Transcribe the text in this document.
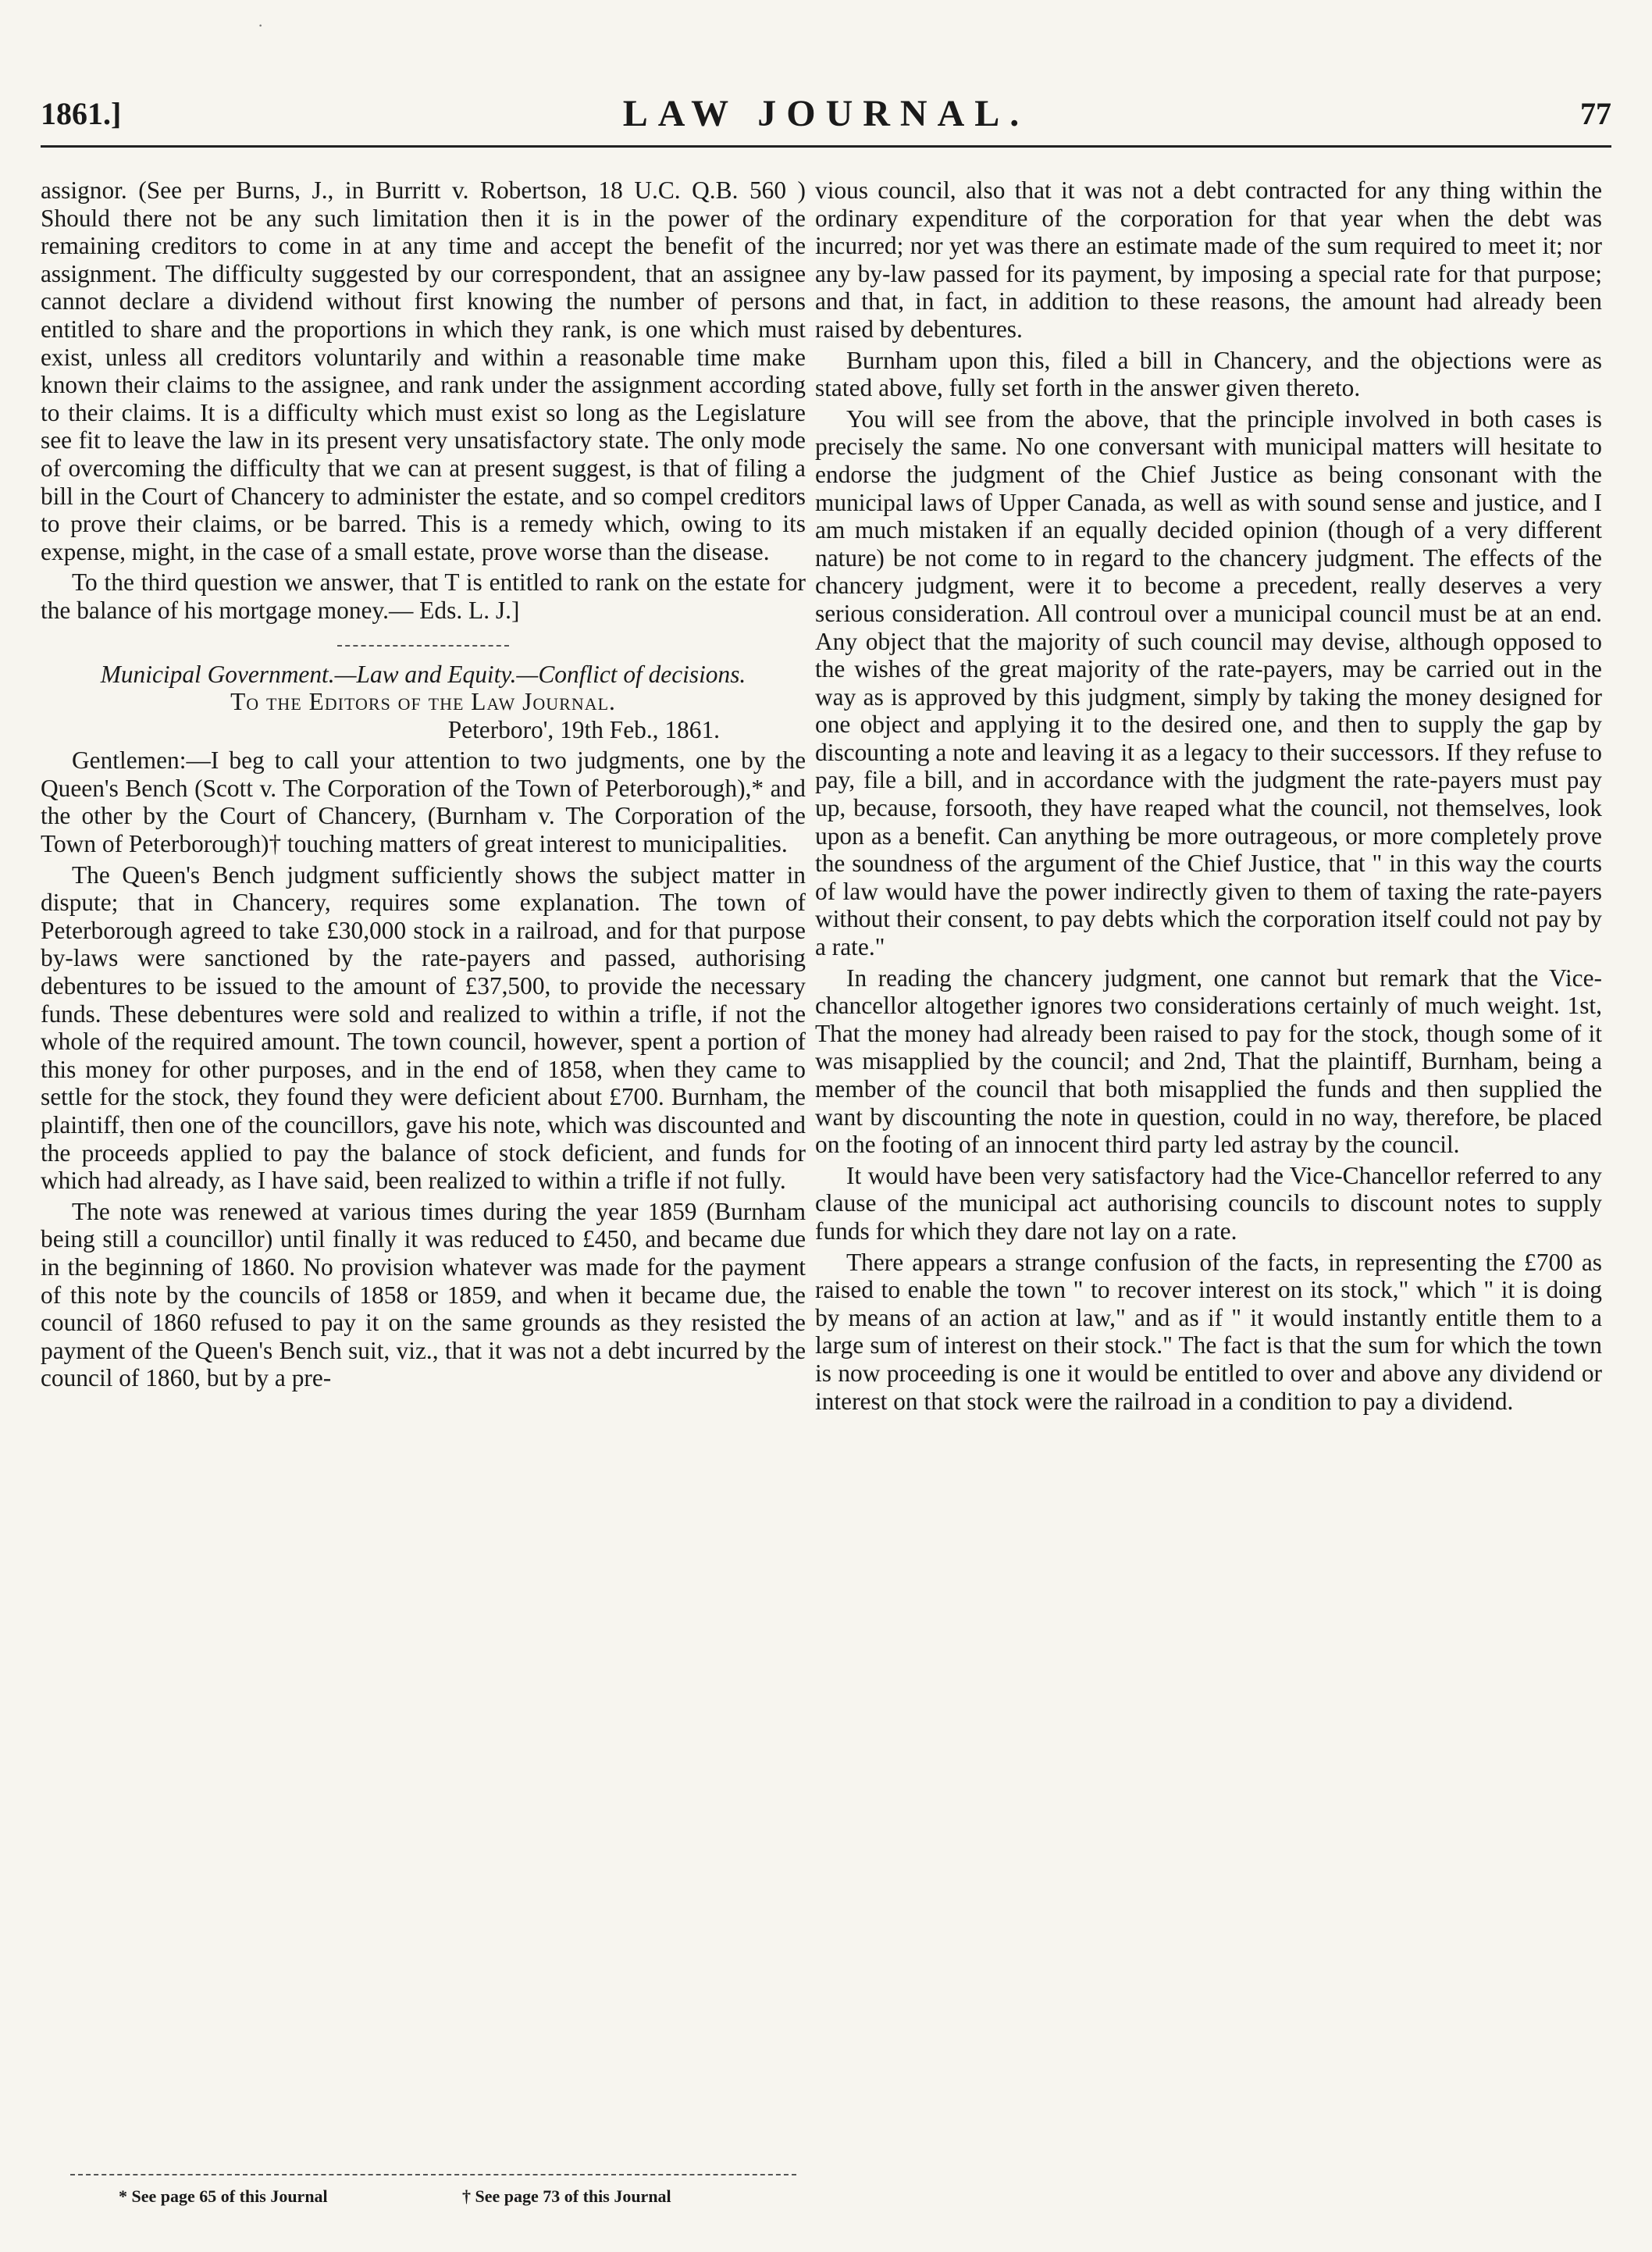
·
1861.]	LAW JOURNAL.	77

assignor. (See per Burns, J., in Burritt v. Robertson, 18 U.C. Q.B. 560 ) Should there not be any such limitation then it is in the power of the remaining creditors to come in at any time and accept the benefit of the assignment. The difficulty suggested by our correspondent, that an assignee cannot declare a dividend without first knowing the number of persons entitled to share and the proportions in which they rank, is one which must exist, unless all creditors voluntarily and within a reasonable time make known their claims to the assignee, and rank under the assignment according to their claims. It is a difficulty which must exist so long as the Legislature see fit to leave the law in its present very unsatisfactory state. The only mode of overcoming the difficulty that we can at present suggest, is that of filing a bill in the Court of Chancery to administer the estate, and so compel creditors to prove their claims, or be barred. This is a remedy which, owing to its expense, might, in the case of a small estate, prove worse than the disease.

To the third question we answer, that T is entitled to rank on the estate for the balance of his mortgage money.— Eds. L. J.]

Municipal Government.—Law and Equity.—Conflict of decisions.

To the Editors of the Law Journal.

Peterboro', 19th Feb., 1861.

Gentlemen:—I beg to call your attention to two judgments, one by the Queen's Bench (Scott v. The Corporation of the Town of Peterborough),* and the other by the Court of Chancery, (Burnham v. The Corporation of the Town of Peterborough)† touching matters of great interest to municipalities.

The Queen's Bench judgment sufficiently shows the subject matter in dispute; that in Chancery, requires some explanation. The town of Peterborough agreed to take £30,000 stock in a railroad, and for that purpose by-laws were sanctioned by the rate-payers and passed, authorising debentures to be issued to the amount of £37,500, to provide the necessary funds. These debentures were sold and realized to within a trifle, if not the whole of the required amount. The town council, however, spent a portion of this money for other purposes, and in the end of 1858, when they came to settle for the stock, they found they were deficient about £700. Burnham, the plaintiff, then one of the councillors, gave his note, which was discounted and the proceeds applied to pay the balance of stock deficient, and funds for which had already, as I have said, been realized to within a trifle if not fully.

The note was renewed at various times during the year 1859 (Burnham being still a councillor) until finally it was reduced to £450, and became due in the beginning of 1860. No provision whatever was made for the payment of this note by the councils of 1858 or 1859, and when it became due, the council of 1860 refused to pay it on the same grounds as they resisted the payment of the Queen's Bench suit, viz., that it was not a debt incurred by the council of 1860, but by a pre-

vious council, also that it was not a debt contracted for any thing within the ordinary expenditure of the corporation for that year when the debt was incurred; nor yet was there an estimate made of the sum required to meet it; nor any by-law passed for its payment, by imposing a special rate for that purpose; and that, in fact, in addition to these reasons, the amount had already been raised by debentures.

Burnham upon this, filed a bill in Chancery, and the objections were as stated above, fully set forth in the answer given thereto.

You will see from the above, that the principle involved in both cases is precisely the same. No one conversant with municipal matters will hesitate to endorse the judgment of the Chief Justice as being consonant with the municipal laws of Upper Canada, as well as with sound sense and justice, and I am much mistaken if an equally decided opinion (though of a very different nature) be not come to in regard to the chancery judgment. The effects of the chancery judgment, were it to become a precedent, really deserves a very serious consideration. All controul over a municipal council must be at an end. Any object that the majority of such council may devise, although opposed to the wishes of the great majority of the rate-payers, may be carried out in the way as is approved by this judgment, simply by taking the money designed for one object and applying it to the desired one, and then to supply the gap by discounting a note and leaving it as a legacy to their successors. If they refuse to pay, file a bill, and in accordance with the judgment the rate-payers must pay up, because, forsooth, they have reaped what the council, not themselves, look upon as a benefit. Can anything be more outrageous, or more completely prove the soundness of the argument of the Chief Justice, that " in this way the courts of law would have the power indirectly given to them of taxing the rate-payers without their consent, to pay debts which the corporation itself could not pay by a rate."

In reading the chancery judgment, one cannot but remark that the Vice-chancellor altogether ignores two considerations certainly of much weight. 1st, That the money had already been raised to pay for the stock, though some of it was misapplied by the council; and 2nd, That the plaintiff, Burnham, being a member of the council that both misapplied the funds and then supplied the want by discounting the note in question, could in no way, therefore, be placed on the footing of an innocent third party led astray by the council.

It would have been very satisfactory had the Vice-Chancellor referred to any clause of the municipal act authorising councils to discount notes to supply funds for which they dare not lay on a rate.

There appears a strange confusion of the facts, in representing the £700 as raised to enable the town " to recover interest on its stock," which " it is doing by means of an action at law," and as if " it would instantly entitle them to a large sum of interest on their stock." The fact is that the sum for which the town is now proceeding is one it would be entitled to over and above any dividend or interest on that stock were the railroad in a condition to pay a dividend.

* See page 65 of this Journal	† See page 73 of this Journal
